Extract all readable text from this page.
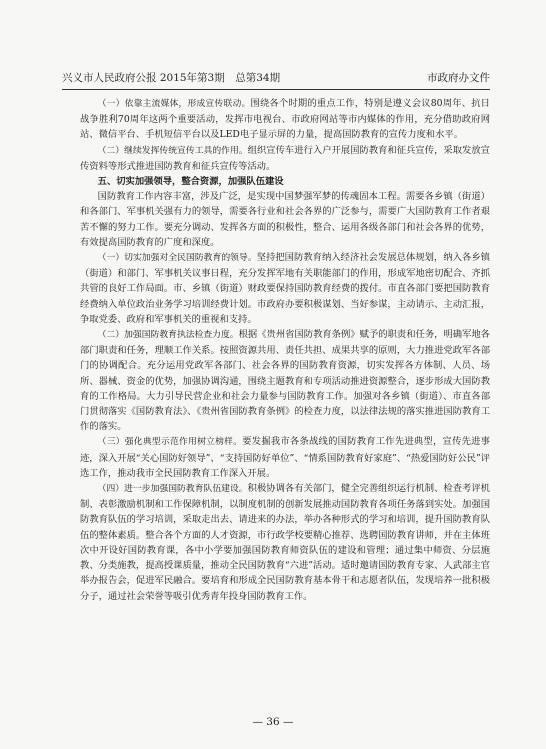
兴义市人民政府公报 2015年第3期　总第34期	市政府办文件

（一）依靠主流媒体，形成宣传联动。围绕各个时期的重点工作，特别是遵义会议80周年、抗日战争胜利70周年这两个重要活动，发挥市电视台、市政府网站等市内媒体的作用，充分借助政府网站、微信平台、手机短信平台以及LED电子显示屏的力量，提高国防教育的宣传力度和水平。

（二）继续发挥传统宣传工具的作用。组织宣传车进行入户开展国防教育和征兵宣传，采取发放宣传资料等形式推进国防教育和征兵宣传等活动。

五、切实加强领导，整合资源，加强队伍建设

国防教育工作内容丰富，涉及广泛，是实现中国梦强军梦的传魂固本工程。需要各乡镇（街道）和各部门、军事机关强有力的领导，需要各行业和社会各界的广泛参与，需要广大国防教育工作者艰苦不懈的努力工作。要充分调动、发挥各方面的积极性，整合、运用各级各部门和社会各界的优势，有效提高国防教育的广度和深度。

（一）切实加强对全民国防教育的领导。坚持把国防教育纳入经济社会发展总体规划，纳入各乡镇（街道）和部门、军事机关议事日程，充分发挥军地有关职能部门的作用，形成军地密切配合、齐抓共管的良好工作局面。市、乡镇（街道）财政要保持国防教育经费的拨付。市直各部门要把国防教育经费纳入单位政治业务学习培训经费计划。市政府办要积极谋划、当好参谋，主动请示、主动汇报，争取党委、政府和军事机关的重视和支持。

（二）加强国防教育执法检查力度。根据《贵州省国防教育条例》赋予的职责和任务，明确军地各部门职责和任务，理顺工作关系。按照资源共用、责任共担、成果共享的原则，大力推进党政军各部门的协调配合。充分运用党政军各部门、社会各界的国防教育资源，切实发挥各方体制、人员、场所、器械、资金的优势，加强协调沟通，围绕主题教育和专项活动推进资源整合，逐步形成大国防教育的工作格局。大力引导民营企业和社会力量参与国防教育工作。加强对各乡镇（街道）、市直各部门贯彻落实《国防教育法》、《贵州省国防教育条例》的检查力度，以法律法规的落实推进国防教育工作的落实。

（三）强化典型示范作用树立榜样。要发掘我市各条战线的国防教育工作先进典型，宣传先进事迹，深入开展“关心国防好领导”、“支持国防好单位”、“情系国防教育好家庭”、“热爱国防好公民”评选工作，推动我市全民国防教育工作深入开展。

（四）进一步加强国防教育队伍建设。积极协调各有关部门，健全完善组织运行机制、检查考评机制、表彰激励机制和工作保障机制，以制度机制的创新发展推动国防教育各项任务落到实处。加强国防教育队伍的学习培训，采取走出去、请进来的办法，举办各种形式的学习和培训，提升国防教育队伍的整体素质。整合各个方面的人才资源，市行政学校要精心推荐、选聘国防教育讲师，并在主体班次中开设好国防教育课，各中小学要加强国防教育师资队伍的建设和管理；通过集中师资、分层施教、分类施教，提高授课质量，推动全民国防教育“六进”活动。适时邀请国防教育专家、人武部主官举办报告会，促进军民融合。要培育和形成全民国防教育基本骨干和志愿者队伍，发现培养一批积极分子，通过社会荣誉等吸引优秀青年投身国防教育工作。

— 36 —
